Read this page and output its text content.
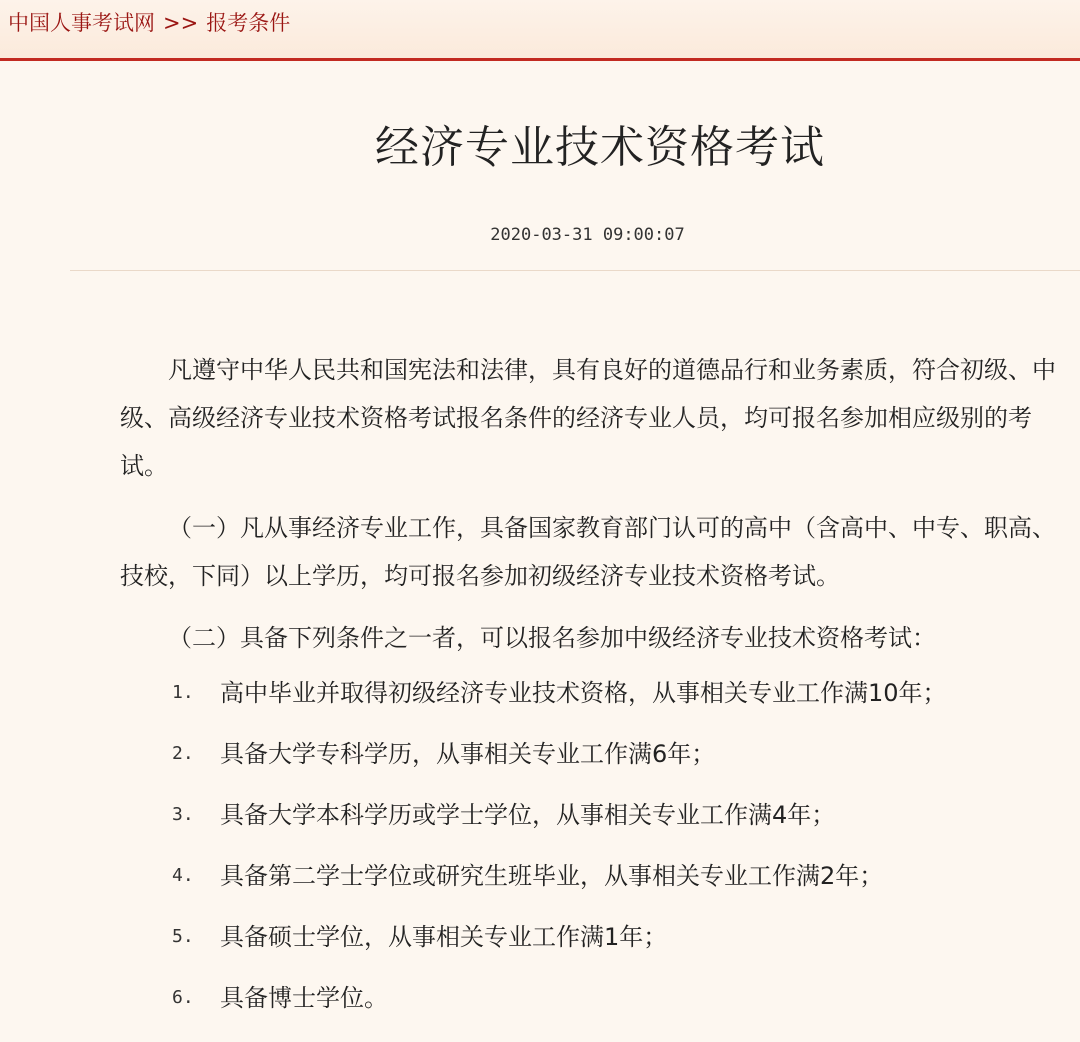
中国人事考试网 >> 报考条件
经济专业技术资格考试
2020-03-31 09:00:07

凡遵守中华人民共和国宪法和法律，具有良好的道德品行和业务素质，符合初级、中级、高级经济专业技术资格考试报名条件的经济专业人员，均可报名参加相应级别的考试。

（一）凡从事经济专业工作，具备国家教育部门认可的高中（含高中、中专、职高、技校，下同）以上学历，均可报名参加初级经济专业技术资格考试。

（二）具备下列条件之一者，可以报名参加中级经济专业技术资格考试：

1. 高中毕业并取得初级经济专业技术资格，从事相关专业工作满10年；
2. 具备大学专科学历，从事相关专业工作满6年；
3. 具备大学本科学历或学士学位，从事相关专业工作满4年；
4. 具备第二学士学位或研究生班毕业，从事相关专业工作满2年；
5. 具备硕士学位，从事相关专业工作满1年；
6. 具备博士学位。
